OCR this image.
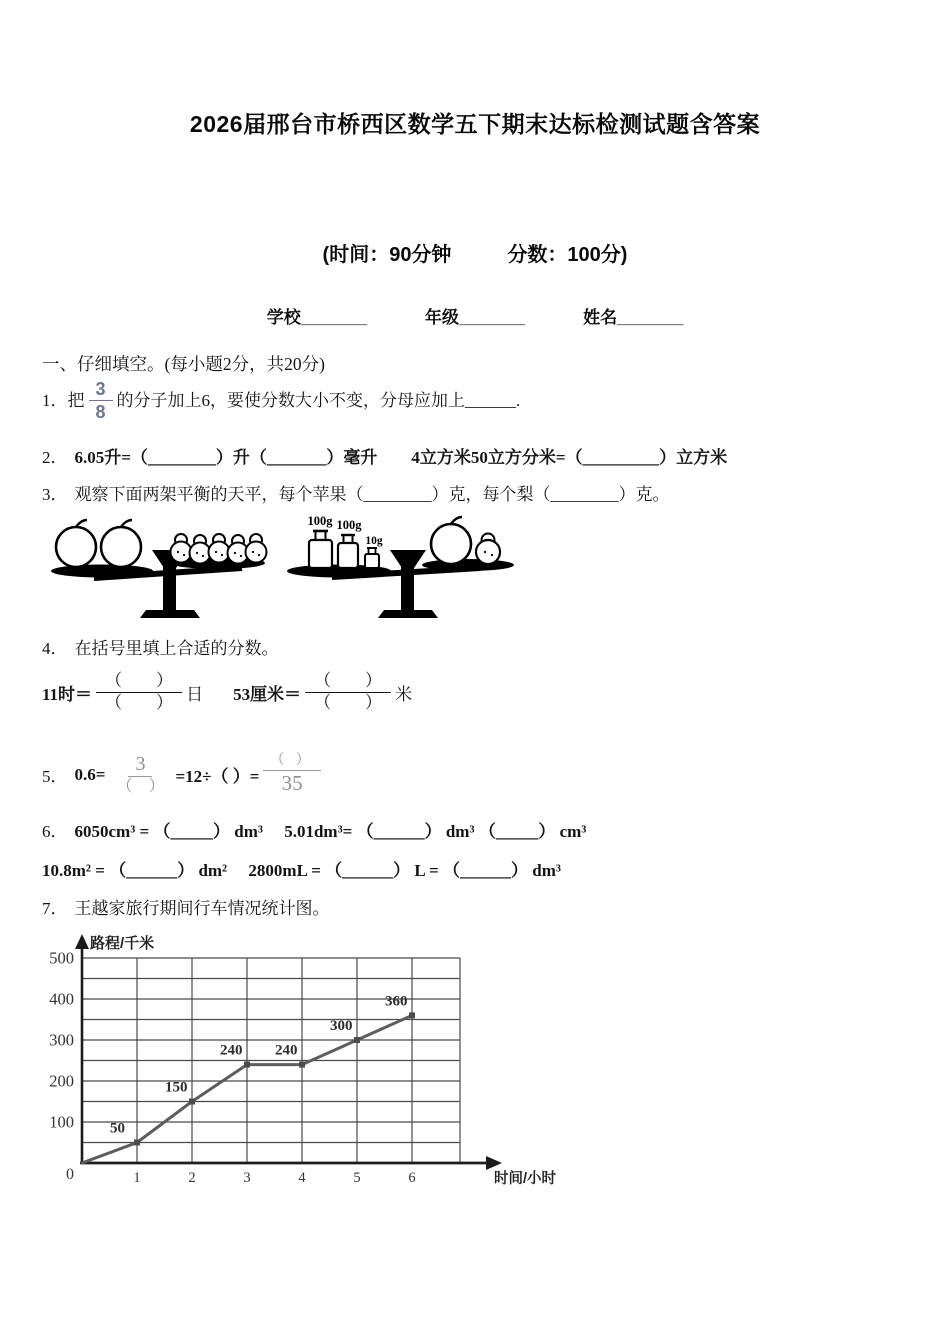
2026届邢台市桥西区数学五下期末达标检测试题含答案
(时间：90分钟	分数：100分)
学校_______	年级_______	姓名_______
一、仔细填空。(每小题2分，共20分)
1．把 $\frac{3}{8}$ 的分子加上6，要使分数大小不变，分母应加上______.
2． 6.05升=（________）升（_______）毫升　　4立方米50立方分米=（_________）立方米
3． 观察下面两架平衡的天平，每个苹果（________）克，每个梨（________）克。
100g 100g
10g
4． 在括号里填上合适的分数。
11时＝ $\frac{( )}{( )}$ 日 53厘米＝ $\frac{( )}{( )}$ 米
5． $0.6= \frac{3}{( )} =12\div$（ ）= $\frac{( )}{35}$
6． 6050cm³ = （_____） dm³　 5.01dm³= （______） dm³ （_____） cm³
10.8m² = （______） dm²　 2800mL = （______） L = （______） dm³
7． 王越家旅行期间行车情况统计图。
50
150
240 240
300
360
100
200
300
400
500
0	1	2	3	4	5	6
路程/千米
时间/小时
